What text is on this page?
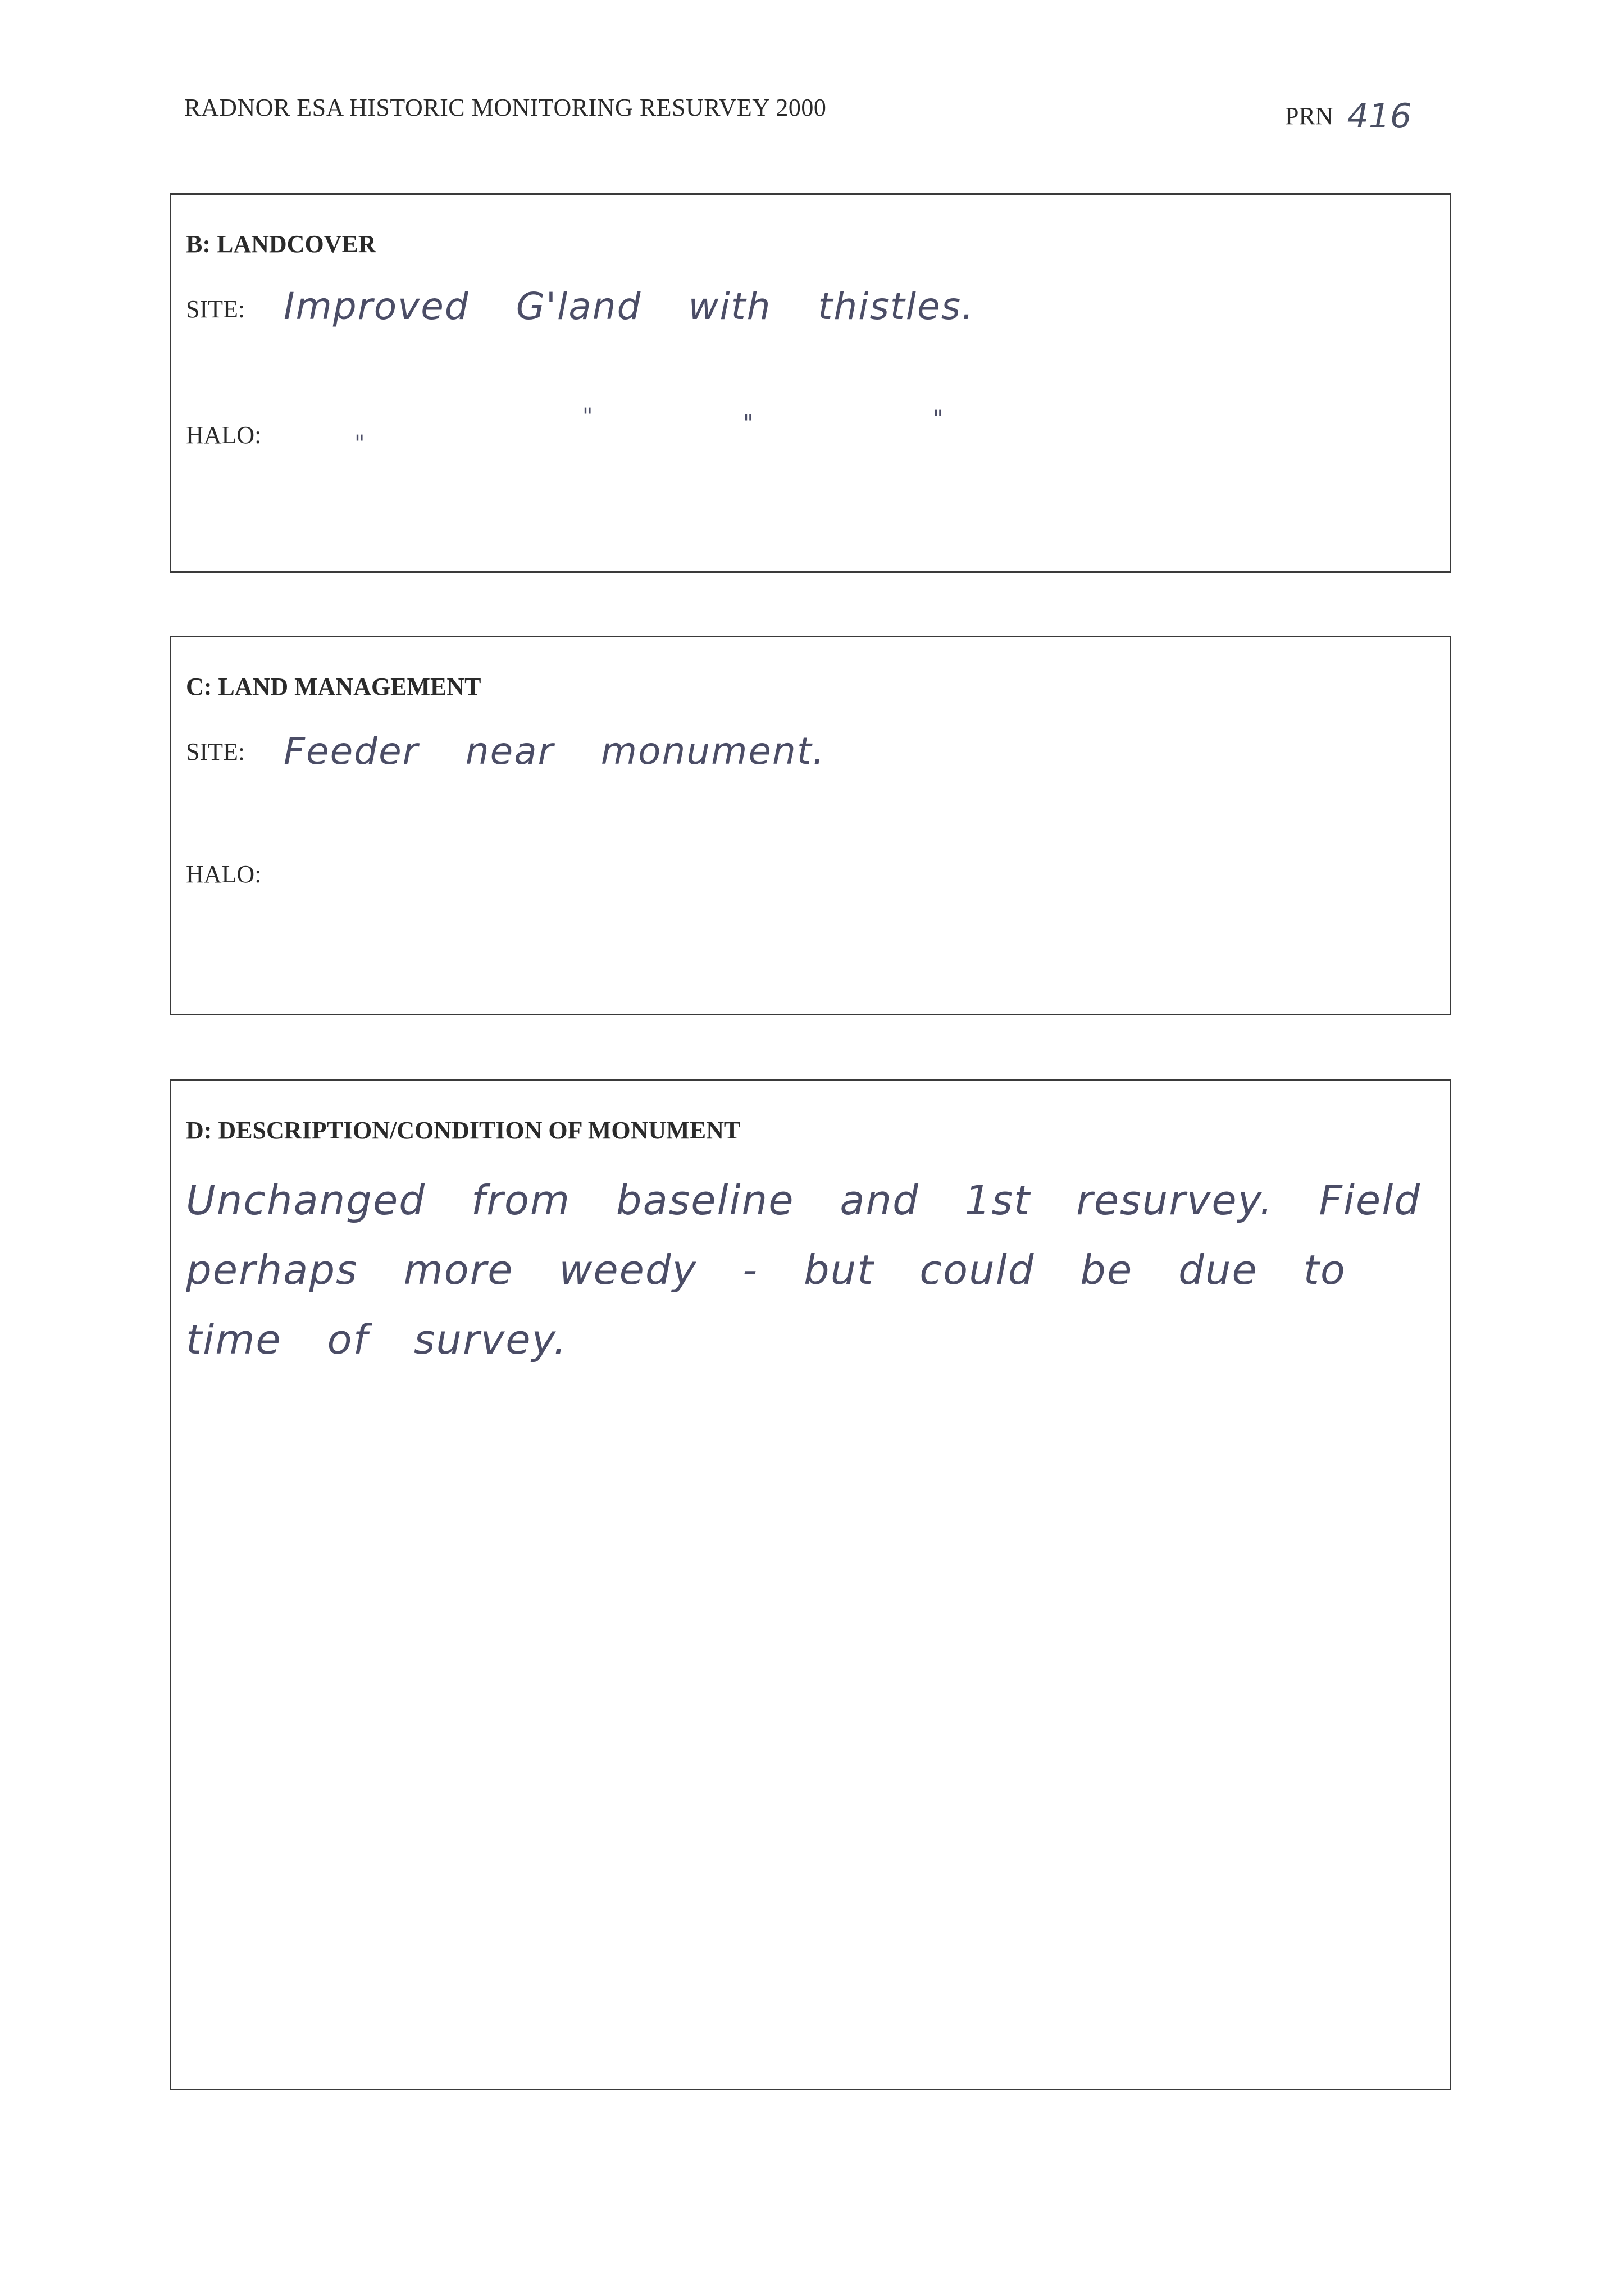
RADNOR ESA HISTORIC MONITORING RESURVEY 2000	PRN 416
B: LANDCOVER
SITE: Improved G'land with thistles.
HALO:	"
"	"	"
C: LAND MANAGEMENT
SITE: Feeder near monument.
HALO:
D: DESCRIPTION/CONDITION OF MONUMENT
Unchanged from baseline and 1st resurvey. Field perhaps more weedy - but could be due to time of survey.
